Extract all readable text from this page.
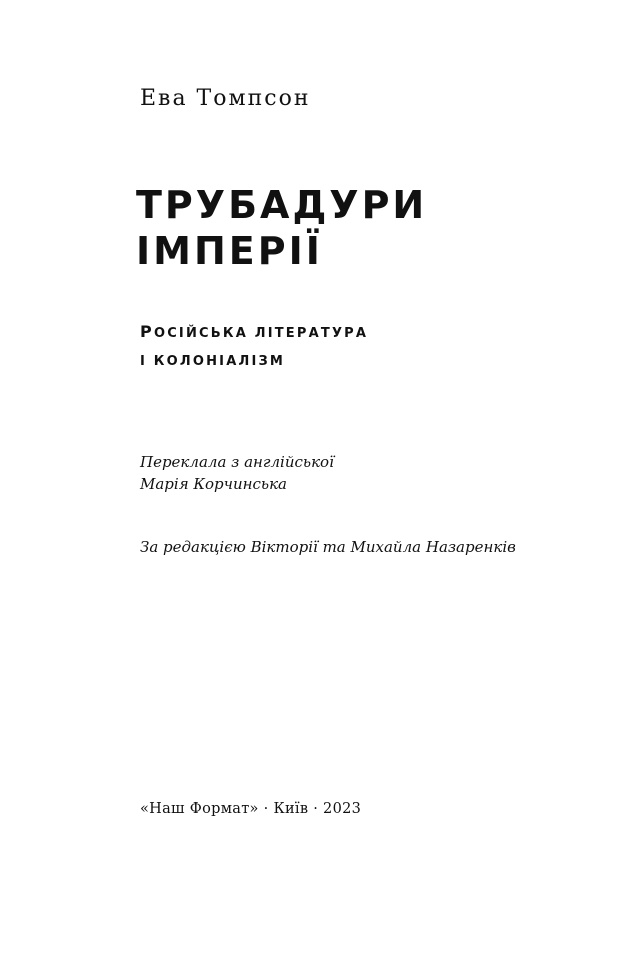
Ева Томпсон
ТРУБАДУРИ
ІМПЕРІЇ
РОСІЙСЬКА ЛІТЕРАТУРА
І КОЛОНІАЛІЗМ
Переклала з англійської
Марія Корчинська
За редакцією Вікторії та Михайла Назаренків
«Наш Формат» · Київ · 2023
